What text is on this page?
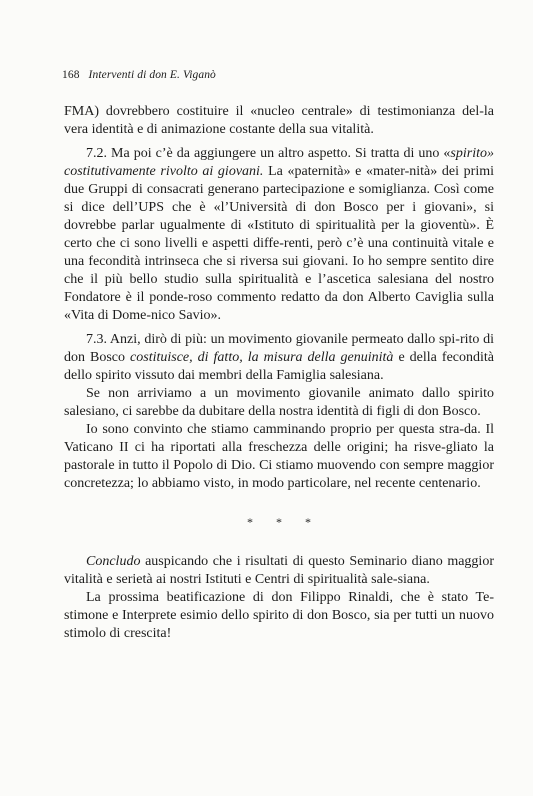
168 Interventi di don E. Viganò

FMA) dovrebbero costituire il «nucleo centrale» di testimonianza del-la vera identità e di animazione costante della sua vitalità.

7.2. Ma poi c’è da aggiungere un altro aspetto. Si tratta di uno «spirito» costitutivamente rivolto ai giovani. La «paternità» e «mater-nità» dei primi due Gruppi di consacrati generano partecipazione e somiglianza. Così come si dice dell’UPS che è «l’Università di don Bosco per i giovani», si dovrebbe parlar ugualmente di «Istituto di spiritualità per la gioventù». È certo che ci sono livelli e aspetti diffe-renti, però c’è una continuità vitale e una fecondità intrinseca che si riversa sui giovani. Io ho sempre sentito dire che il più bello studio sulla spiritualità e l’ascetica salesiana del nostro Fondatore è il ponde-roso commento redatto da don Alberto Caviglia sulla «Vita di Dome-nico Savio».

7.3. Anzi, dirò di più: un movimento giovanile permeato dallo spi-rito di don Bosco costituisce, di fatto, la misura della genuinità e della fecondità dello spirito vissuto dai membri della Famiglia salesiana.

Se non arriviamo a un movimento giovanile animato dallo spirito salesiano, ci sarebbe da dubitare della nostra identità di figli di don Bosco.

Io sono convinto che stiamo camminando proprio per questa stra-da. Il Vaticano II ci ha riportati alla freschezza delle origini; ha risve-gliato la pastorale in tutto il Popolo di Dio. Ci stiamo muovendo con sempre maggior concretezza; lo abbiamo visto, in modo particolare, nel recente centenario.

* * *

Concludo auspicando che i risultati di questo Seminario diano maggior vitalità e serietà ai nostri Istituti e Centri di spiritualità sale-siana.

La prossima beatificazione di don Filippo Rinaldi, che è stato Te-stimone e Interprete esimio dello spirito di don Bosco, sia per tutti un nuovo stimolo di crescita!
